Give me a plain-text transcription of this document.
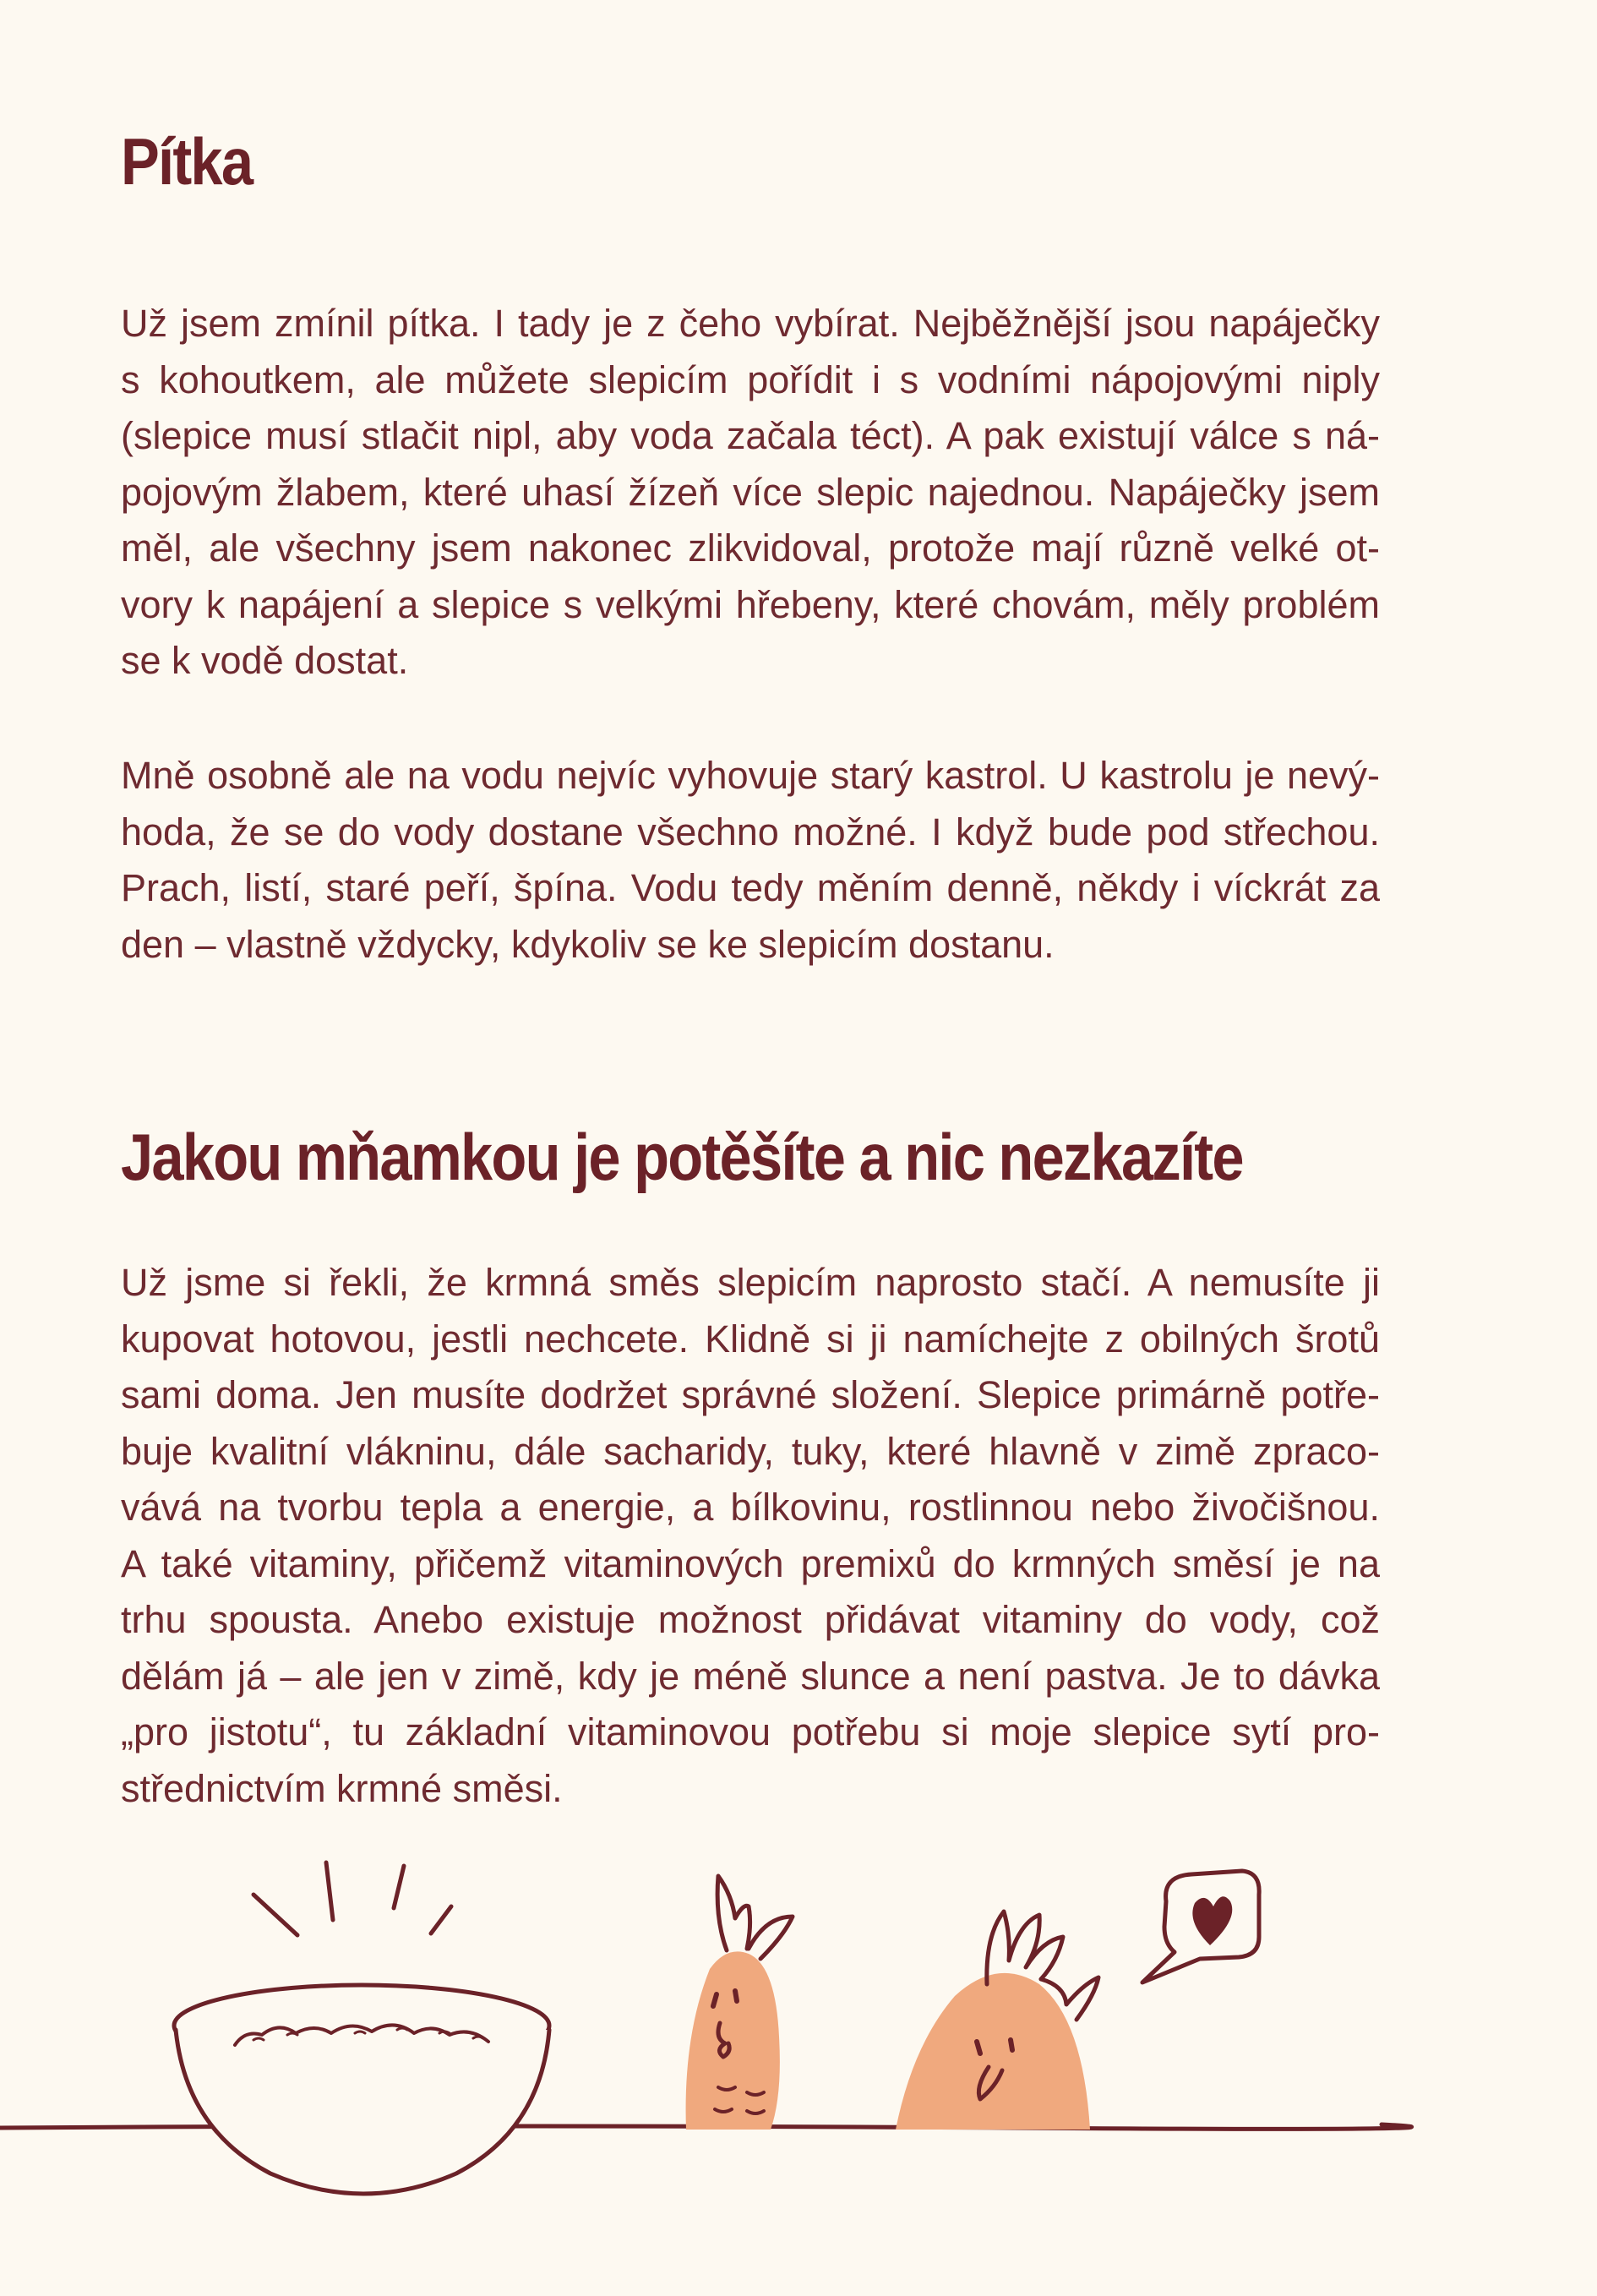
Pítka

Už jsem zmínil pítka. I tady je z čeho vybírat. Nejběžnější jsou napáječky
s kohoutkem, ale můžete slepicím pořídit i s vodními nápojovými niply
(slepice musí stlačit nipl, aby voda začala téct). A pak existují válce s ná-
pojovým žlabem, které uhasí žízeň více slepic najednou. Napáječky jsem
měl, ale všechny jsem nakonec zlikvidoval, protože mají různě velké ot-
vory k napájení a slepice s velkými hřebeny, které chovám, měly problém
se k vodě dostat.

Mně osobně ale na vodu nejvíc vyhovuje starý kastrol. U kastrolu je nevý-
hoda, že se do vody dostane všechno možné. I když bude pod střechou.
Prach, listí, staré peří, špína. Vodu tedy měním denně, někdy i víckrát za
den – vlastně vždycky, kdykoliv se ke slepicím dostanu.

Jakou mňamkou je potěšíte a nic nezkazíte

Už jsme si řekli, že krmná směs slepicím naprosto stačí. A nemusíte ji
kupovat hotovou, jestli nechcete. Klidně si ji namíchejte z obilných šrotů
sami doma. Jen musíte dodržet správné složení. Slepice primárně potře-
buje kvalitní vlákninu, dále sacharidy, tuky, které hlavně v zimě zpraco-
vává na tvorbu tepla a energie, a bílkovinu, rostlinnou nebo živočišnou.
A také vitaminy, přičemž vitaminových premixů do krmných směsí je na
trhu spousta. Anebo existuje možnost přidávat vitaminy do vody, což
dělám já – ale jen v zimě, kdy je méně slunce a není pastva. Je to dávka
„pro jistotu“, tu základní vitaminovou potřebu si moje slepice sytí pro-
střednictvím krmné směsi.
